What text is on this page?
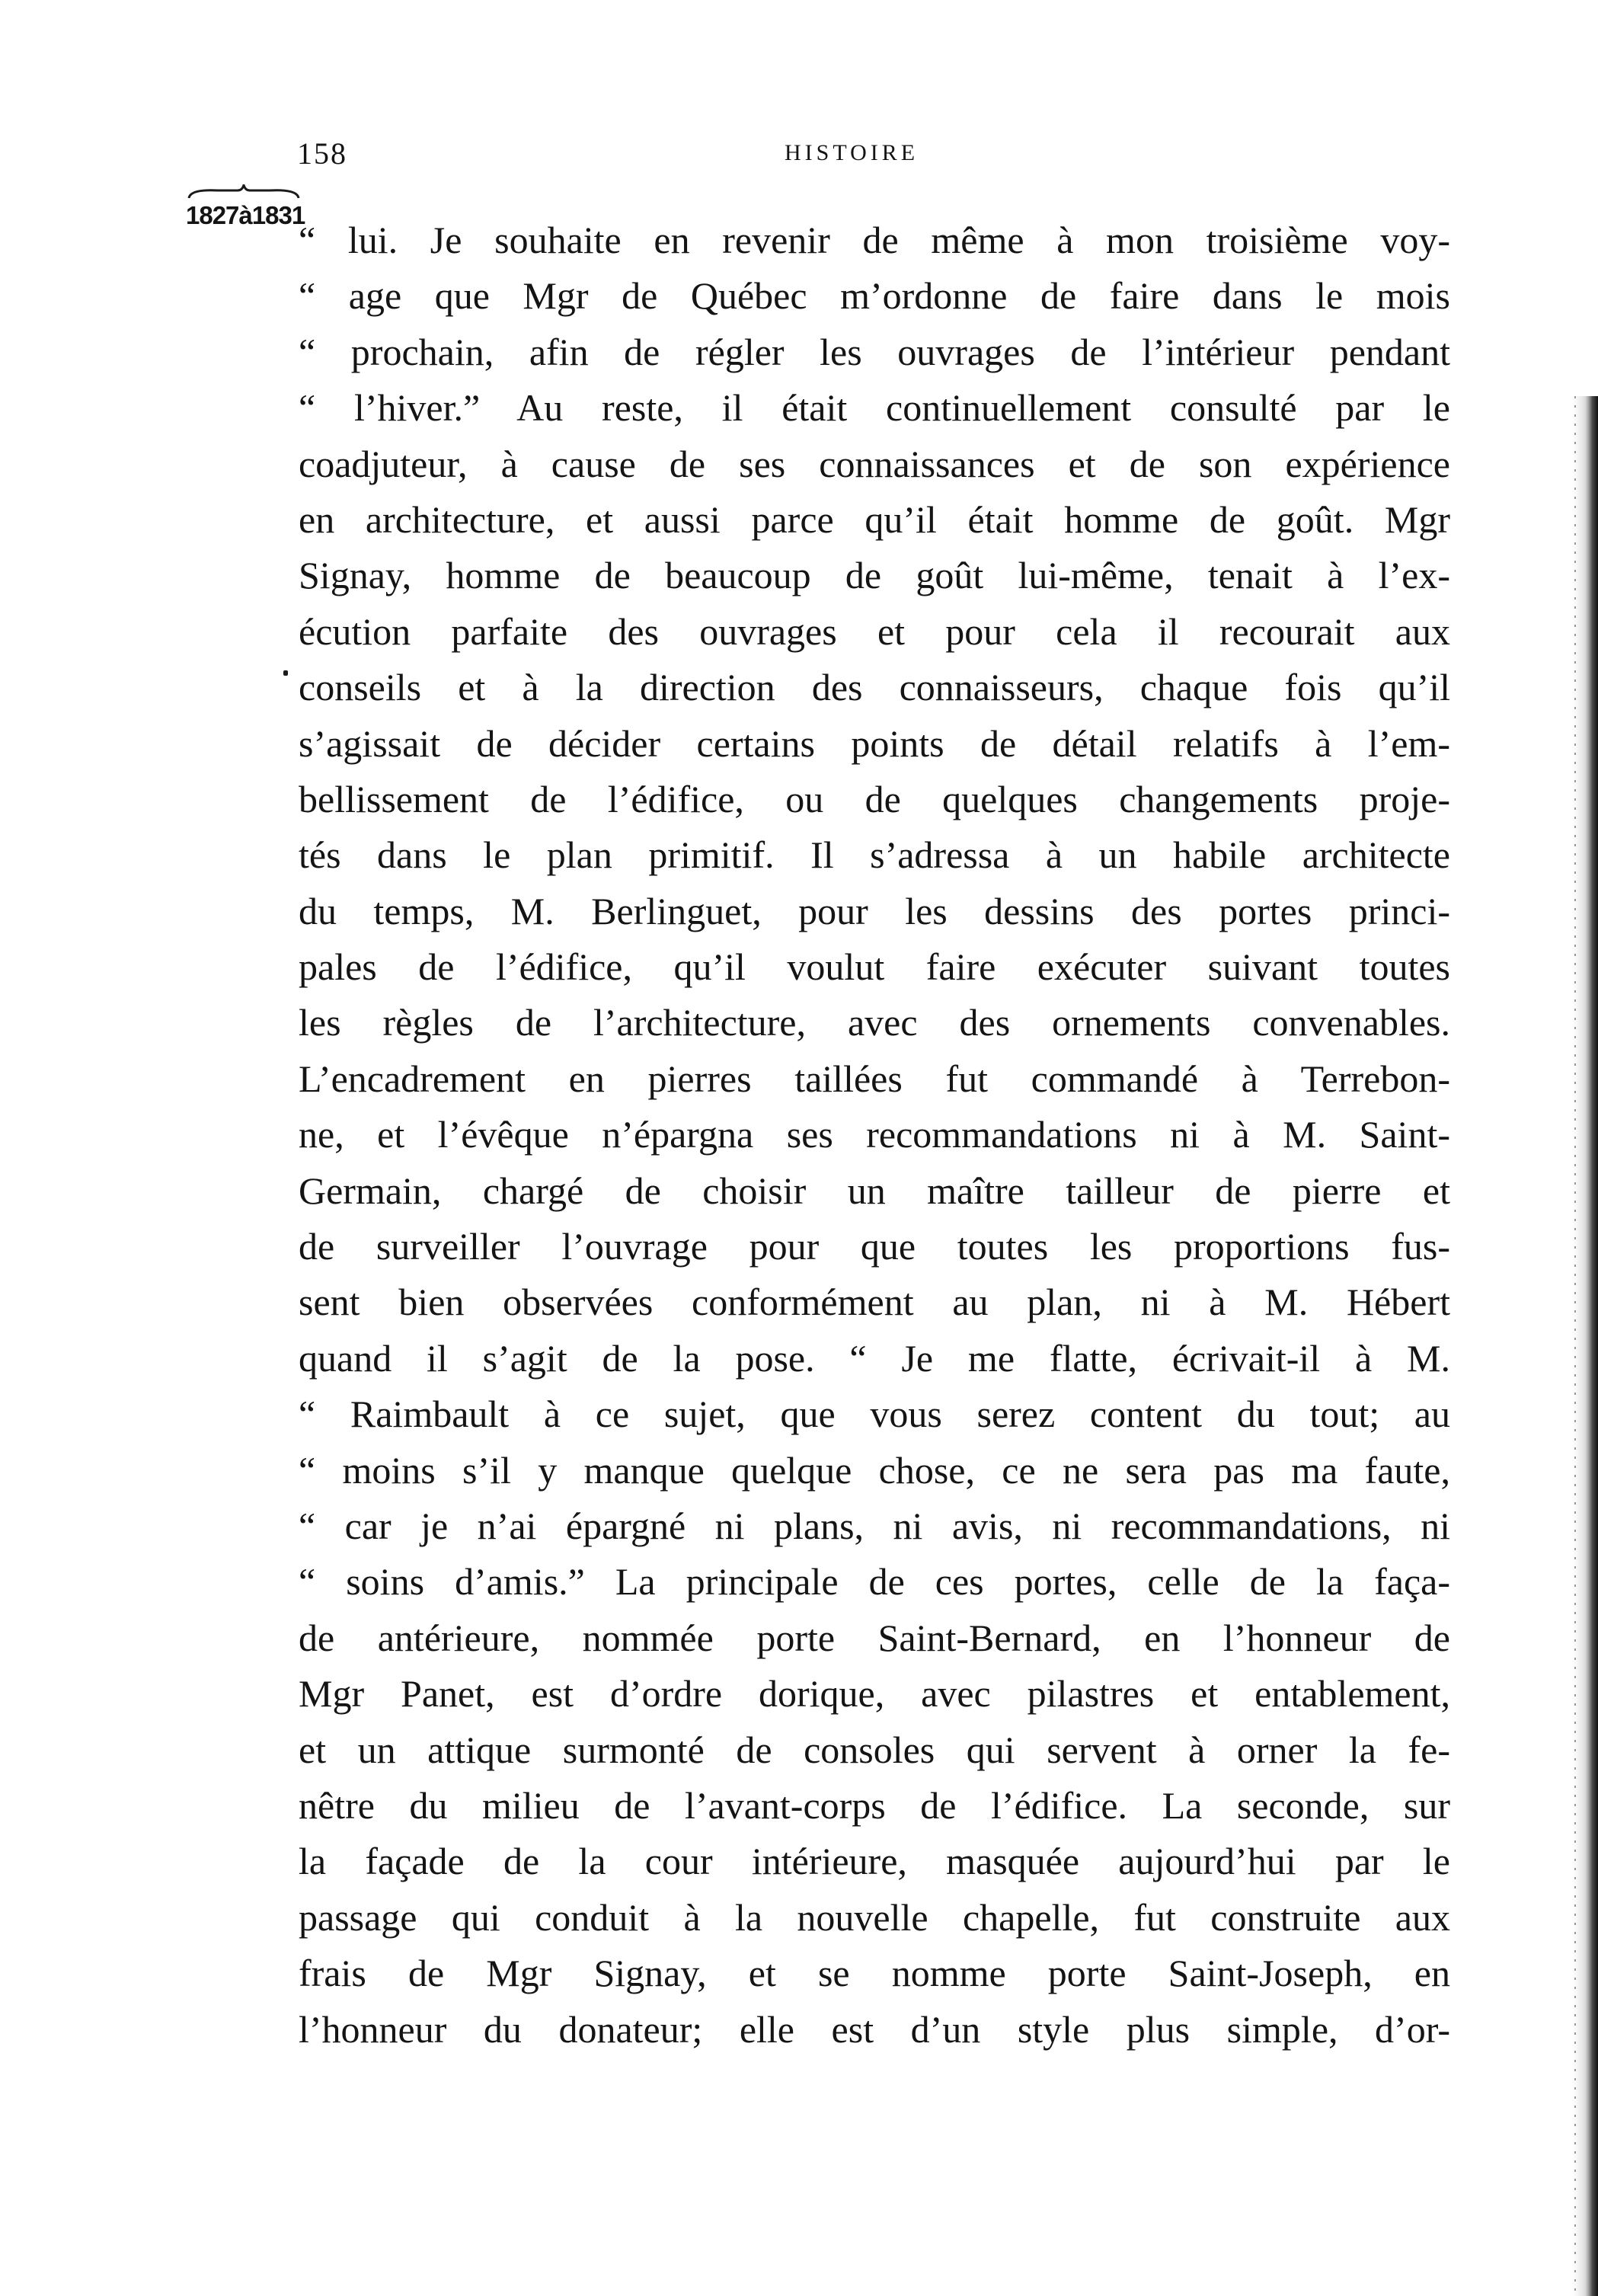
158	HISTOIRE
1827à1831
“ lui. Je souhaite en revenir de même à mon troisième voy-
“ age que Mgr de Québec m’ordonne de faire dans le mois
“ prochain, afin de régler les ouvrages de l’intérieur pendant
“ l’hiver.” Au reste, il était continuellement consulté par le
coadjuteur, à cause de ses connaissances et de son expérience
en architecture, et aussi parce qu’il était homme de goût. Mgr
Signay, homme de beaucoup de goût lui-même, tenait à l’ex-
écution parfaite des ouvrages et pour cela il recourait aux
conseils et à la direction des connaisseurs, chaque fois qu’il
s’agissait de décider certains points de détail relatifs à l’em-
bellissement de l’édifice, ou de quelques changements proje-
tés dans le plan primitif. Il s’adressa à un habile architecte
du temps, M. Berlinguet, pour les dessins des portes princi-
pales de l’édifice, qu’il voulut faire exécuter suivant toutes
les règles de l’architecture, avec des ornements convenables.
L’encadrement en pierres taillées fut commandé à Terrebon-
ne, et l’évêque n’épargna ses recommandations ni à M. Saint-
Germain, chargé de choisir un maître tailleur de pierre et
de surveiller l’ouvrage pour que toutes les proportions fus-
sent bien observées conformément au plan, ni à M. Hébert
quand il s’agit de la pose. “ Je me flatte, écrivait-il à M.
“ Raimbault à ce sujet, que vous serez content du tout; au
“ moins s’il y manque quelque chose, ce ne sera pas ma faute,
“ car je n’ai épargné ni plans, ni avis, ni recommandations, ni
“ soins d’amis.” La principale de ces portes, celle de la faça-
de antérieure, nommée porte Saint-Bernard, en l’honneur de
Mgr Panet, est d’ordre dorique, avec pilastres et entablement,
et un attique surmonté de consoles qui servent à orner la fe-
nêtre du milieu de l’avant-corps de l’édifice. La seconde, sur
la façade de la cour intérieure, masquée aujourd’hui par le
passage qui conduit à la nouvelle chapelle, fut construite aux
frais de Mgr Signay, et se nomme porte Saint-Joseph, en
l’honneur du donateur; elle est d’un style plus simple, d’or-
